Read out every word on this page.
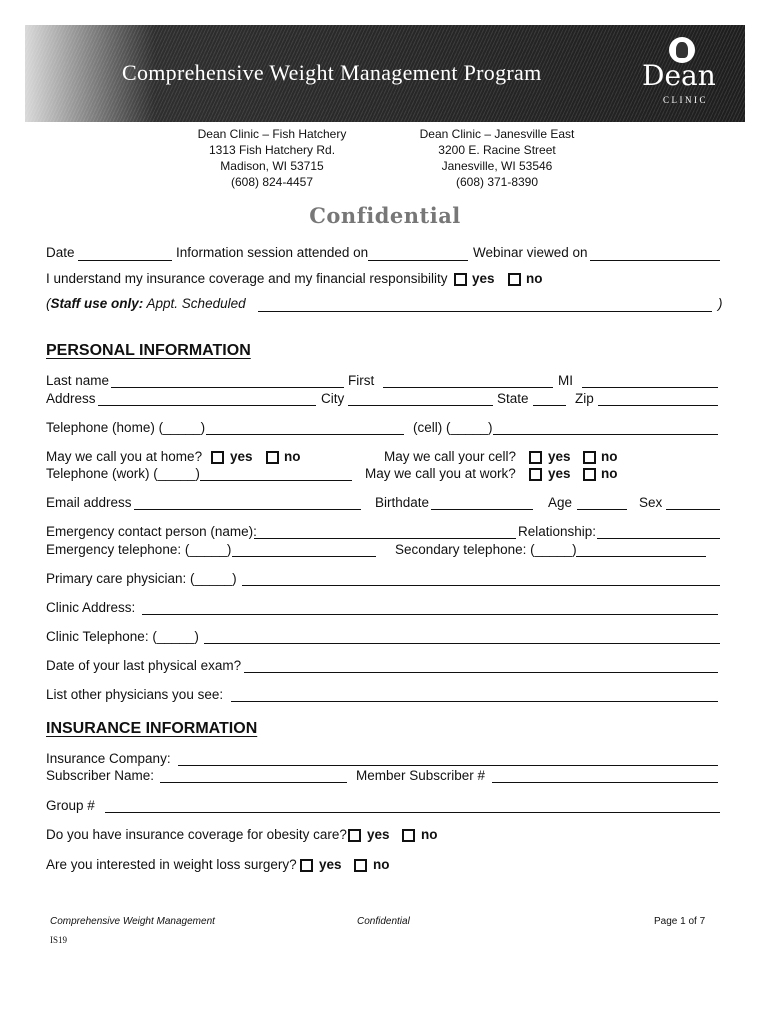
Comprehensive Weight Management Program	Dean
CLINIC
Dean Clinic – Fish Hatchery
1313 Fish Hatchery Rd.
Madison, WI 53715
(608) 824-4457
Dean Clinic – Janesville East
3200 E. Racine Street
Janesville, WI 53546
(608) 371-8390
Confidential
Date	Information session attended on	Webinar viewed on
I understand my insurance coverage and my financial responsibility yes no
(Staff use only: Appt. Scheduled	)
PERSONAL INFORMATION
Last name	First	MI
Address	City	State	Zip
Telephone (home) (_____)	(cell) (_____)
May we call you at home? yes no	May we call your cell? yes no
Telephone (work) (_____)	May we call you at work? yes no
Email address	Birthdate	Age	Sex
Emergency contact person (name):	Relationship:
Emergency telephone: (_____)	Secondary telephone: (_____)
Primary care physician: (_____)
Clinic Address:
Clinic Telephone: (_____)
Date of your last physical exam?
List other physicians you see:
INSURANCE INFORMATION
Insurance Company:
Subscriber Name:	Member Subscriber #
Group #
Do you have insurance coverage for obesity care? yes no
Are you interested in weight loss surgery? yes no
Comprehensive Weight Management	Confidential	Page 1 of 7
IS19
